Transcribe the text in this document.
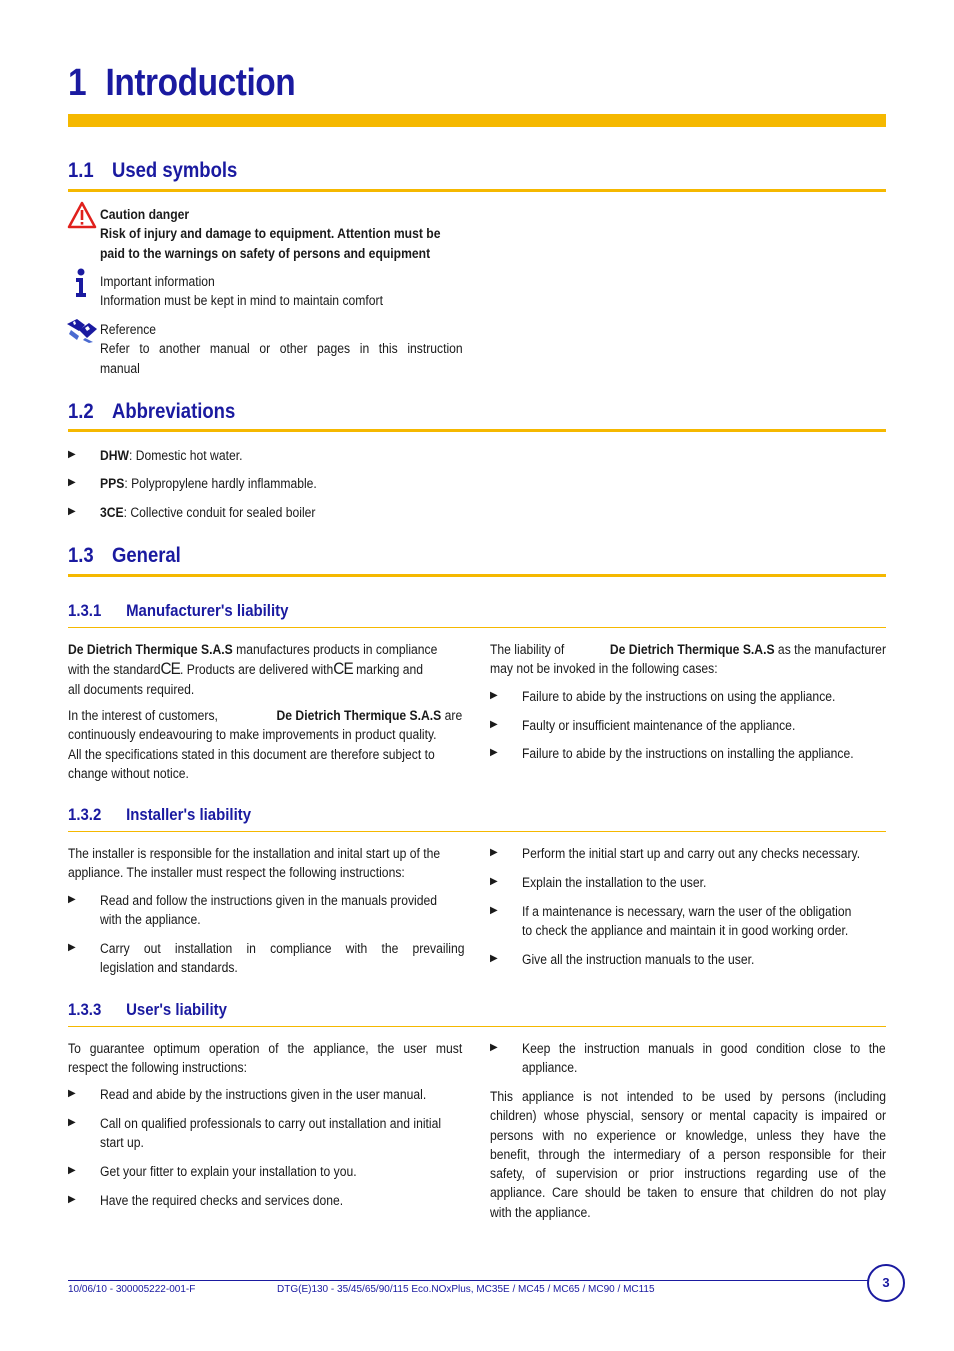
1 Introduction
1.1 Used symbols
Caution danger
Risk of injury and damage to equipment. Attention must be
paid to the warnings on safety of persons and equipment
Important information
Information must be kept in mind to maintain comfort
Reference
Refer to another manual or other pages in this instruction
manual
1.2 Abbreviations
▶ DHW: Domestic hot water.
▶ PPS: Polypropylene hardly inflammable.
▶ 3CE: Collective conduit for sealed boiler
1.3 General
1.3.1 Manufacturer's liability
De Dietrich Thermique S.A.S manufactures products in compliance
with the standardCE. Products are delivered withCE marking and
all documents required.
In the interest of customers,	De Dietrich Thermique S.A.S are
continuously endeavouring to make improvements in product quality.
All the specifications stated in this document are therefore subject to
change without notice.
The liability of	De Dietrich Thermique S.A.S as the manufacturer
may not be invoked in the following cases:
▶ Failure to abide by the instructions on using the appliance.
▶ Faulty or insufficient maintenance of the appliance.
▶ Failure to abide by the instructions on installing the appliance.
1.3.2 Installer's liability
The installer is responsible for the installation and inital start up of the
appliance. The installer must respect the following instructions:
▶ Read and follow the instructions given in the manuals provided
with the appliance.
▶ Carry out installation in compliance with the prevailing
legislation and standards.
▶ Perform the initial start up and carry out any checks necessary.
▶ Explain the installation to the user.
▶ If a maintenance is necessary, warn the user of the obligation
to check the appliance and maintain it in good working order.
▶ Give all the instruction manuals to the user.
1.3.3 User's liability
To guarantee optimum operation of the appliance, the user must
respect the following instructions:
▶ Read and abide by the instructions given in the user manual.
▶ Call on qualified professionals to carry out installation and initial
start up.
▶ Get your fitter to explain your installation to you.
▶ Have the required checks and services done.
▶ Keep the instruction manuals in good condition close to the
appliance.
This appliance is not intended to be used by persons (including
children) whose physcial, sensory or mental capacity is impaired or
persons with no experience or knowledge, unless they have the
benefit, through the intermediary of a person responsible for their
safety, of supervision or prior instructions regarding use of the
appliance. Care should be taken to ensure that children do not play
with the appliance.
10/06/10 - 300005222-001-F	DTG(E)130 - 35/45/65/90/115 Eco.NOxPlus, MC35E / MC45 / MC65 / MC90 / MC115	3
